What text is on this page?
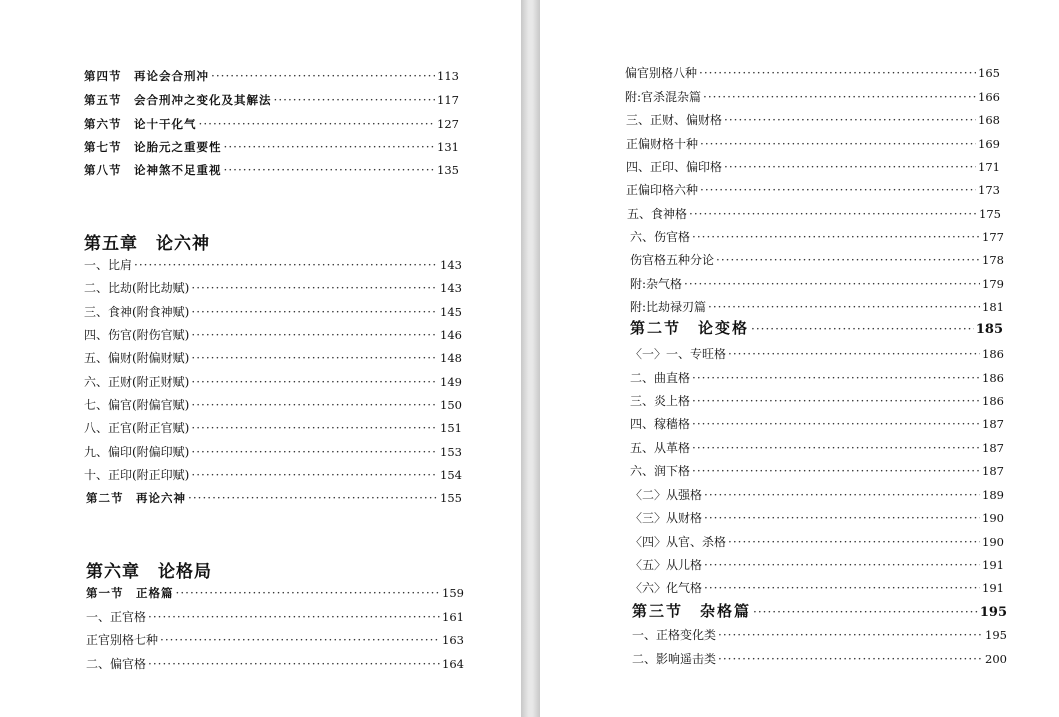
第四节　再论会合刑冲 ·····	113
第五节　会合刑冲之变化及其解法 ·····	117
第六节　论十干化气 ·····	127
第七节　论胎元之重要性 ·····	131
第八节　论神煞不足重视 ·····	135
第五章　论六神
一、比肩 ·····	143
二、比劫(附比劫赋) ·····	143
三、食神(附食神赋) ·····	145
四、伤官(附伤官赋) ·····	146
五、偏财(附偏财赋) ·····	148
六、正财(附正财赋) ·····	149
七、偏官(附偏官赋) ·····	150
八、正官(附正官赋) ·····	151
九、偏印(附偏印赋) ·····	153
十、正印(附正印赋) ·····	154
第二节　再论六神 ·····	155
第六章　论格局
第一节　正格篇 ·····	159
一、正官格 ·····	161
正官别格七种 ·····	163
二、偏官格 ·····	164
偏官别格八种 ·····	165
附:官杀混杂篇 ·····	166
三、正财、偏财格 ·····	168
正偏财格十种 ·····	169
四、正印、偏印格 ·····	171
正偏印格六种 ·····	173
五、食神格 ·····	175
六、伤官格 ·····	177
伤官格五种分论 ·····	178
附:杂气格 ·····	179
附:比劫禄刃篇 ·····	181
第二节　论变格 ·····	185
〈一〉一、专旺格 ·····	186
二、曲直格 ·····	186
三、炎上格 ·····	186
四、稼穑格 ·····	187
五、从革格 ·····	187
六、润下格 ·····	187
〈二〉从强格 ·····	189
〈三〉从财格 ·····	190
〈四〉从官、杀格 ·····	190
〈五〉从儿格 ·····	191
〈六〉化气格 ·····	191
第三节　杂格篇 ·····	195
一、正格变化类 ·····	195
二、影响遥击类 ·····	200
